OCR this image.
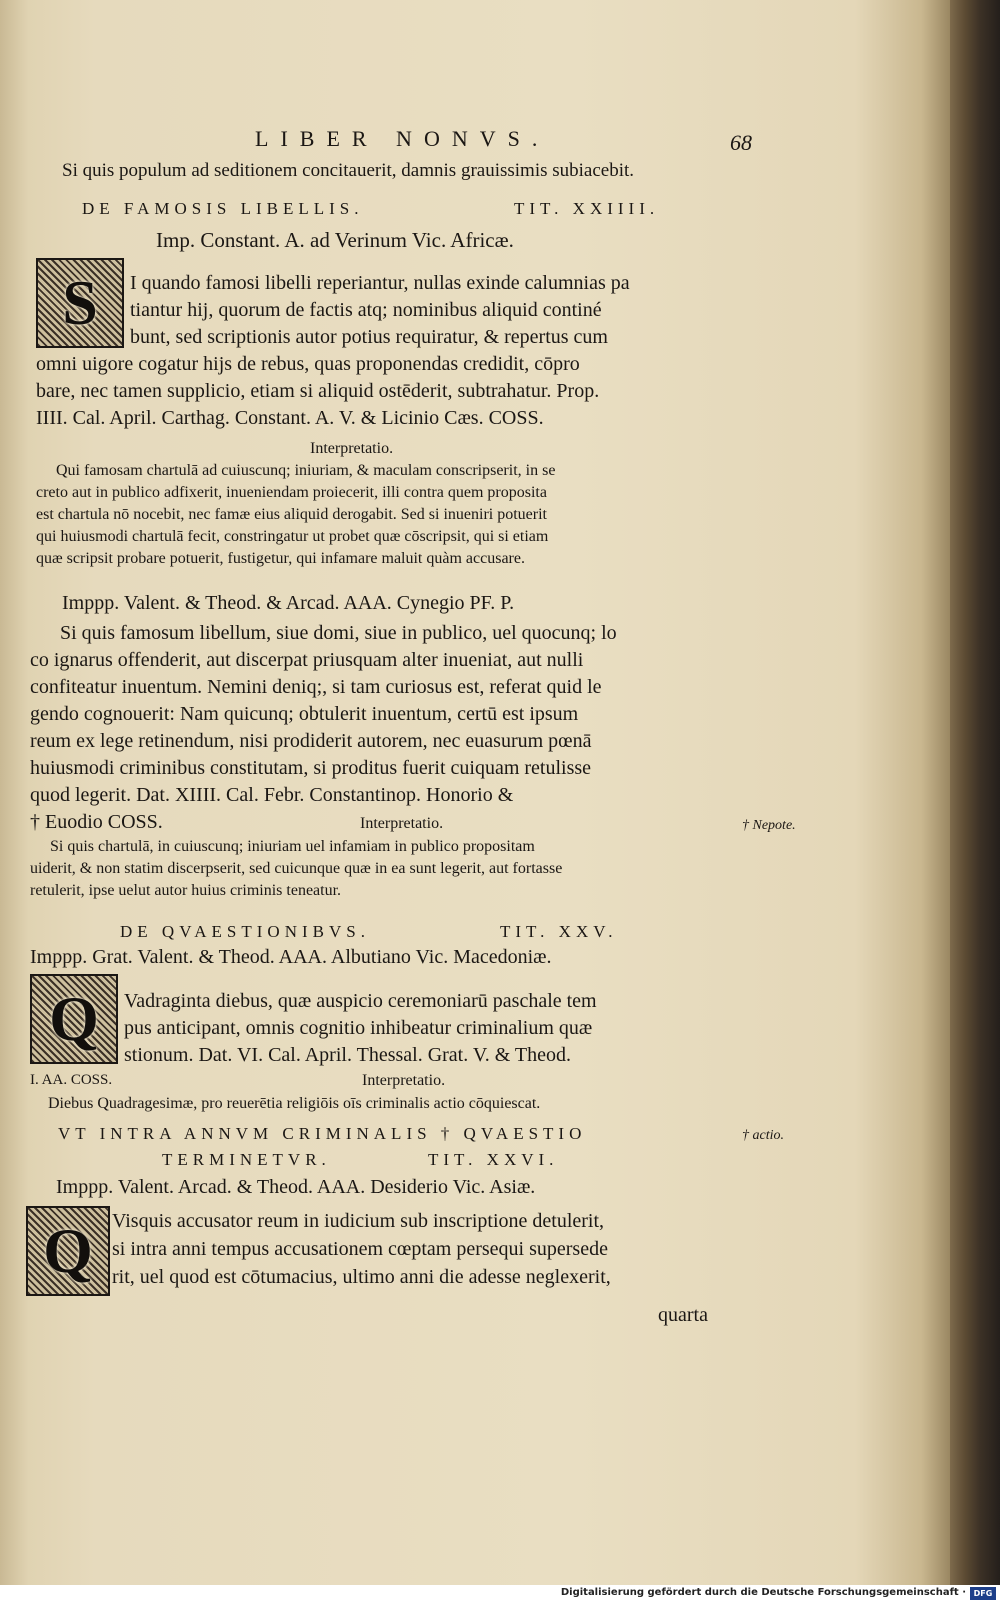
LIBER NONVS.	68
Si quis populum ad seditionem concitauerit, damnis grauissimis subiacebit.
DE FAMOSIS LIBELLIS.	TIT. XXIIII.
Imp. Constant. A. ad Verinum Vic. Africæ.
S	I quando famosi libelli reperiantur, nullas exinde calumnias pa
tiantur hij, quorum de factis atq; nominibus aliquid continé
bunt, sed scriptionis autor potius requiratur, & repertus cum
omni uigore cogatur hijs de rebus, quas proponendas credidit, cōpro
bare, nec tamen supplicio, etiam si aliquid ostēderit, subtrahatur. Prop.
IIII. Cal. April. Carthag. Constant. A. V. & Licinio Cæs. COSS.
Interpretatio.
Qui famosam chartulā ad cuiuscunq; iniuriam, & maculam conscripserit, in se
creto aut in publico adfixerit, inueniendam proiecerit, illi contra quem proposita
est chartula nō nocebit, nec famæ eius aliquid derogabit. Sed si inueniri potuerit
qui huiusmodi chartulā fecit, constringatur ut probet quæ cōscripsit, qui si etiam
quæ scripsit probare potuerit, fustigetur, qui infamare maluit quàm accusare.
Imppp. Valent. & Theod. & Arcad. AAA. Cynegio PF. P.
Si quis famosum libellum, siue domi, siue in publico, uel quocunq; lo
co ignarus offenderit, aut discerpat priusquam alter inueniat, aut nulli
confiteatur inuentum. Nemini deniq;, si tam curiosus est, referat quid le
gendo cognouerit: Nam quicunq; obtulerit inuentum, certū est ipsum
reum ex lege retinendum, nisi prodiderit autorem, nec euasurum pœnā
huiusmodi criminibus constitutam, si proditus fuerit cuiquam retulisse
quod legerit. Dat. XIIII. Cal. Febr. Constantinop. Honorio &
† Euodio COSS.	Interpretatio.	† Nepote.
Si quis chartulā, in cuiuscunq; iniuriam uel infamiam in publico propositam
uiderit, & non statim discerpserit, sed cuicunque quæ in ea sunt legerit, aut fortasse
retulerit, ipse uelut autor huius criminis teneatur.
DE QVAESTIONIBVS.	TIT. XXV.
Imppp. Grat. Valent. & Theod. AAA. Albutiano Vic. Macedoniæ.
Q	Vadraginta diebus, quæ auspicio ceremoniarū paschale tem
pus anticipant, omnis cognitio inhibeatur criminalium quæ
stionum. Dat. VI. Cal. April. Thessal. Grat. V. & Theod.
I. AA. COSS.	Interpretatio.
Diebus Quadragesimæ, pro reuerētia religiōis oīs criminalis actio cōquiescat.
VT INTRA ANNVM CRIMINALIS † QVAESTIO	† actio.
TERMINETVR.	TIT. XXVI.
Imppp. Valent. Arcad. & Theod. AAA. Desiderio Vic. Asiæ.
Q Visquis accusator reum in iudicium sub inscriptione detulerit,
si intra anni tempus accusationem cœptam persequi supersede
rit, uel quod est cōtumacius, ultimo anni die adesse neglexerit,
quarta
Digitalisierung gefördert durch die Deutsche Forschungsgemeinschaft · DFG
